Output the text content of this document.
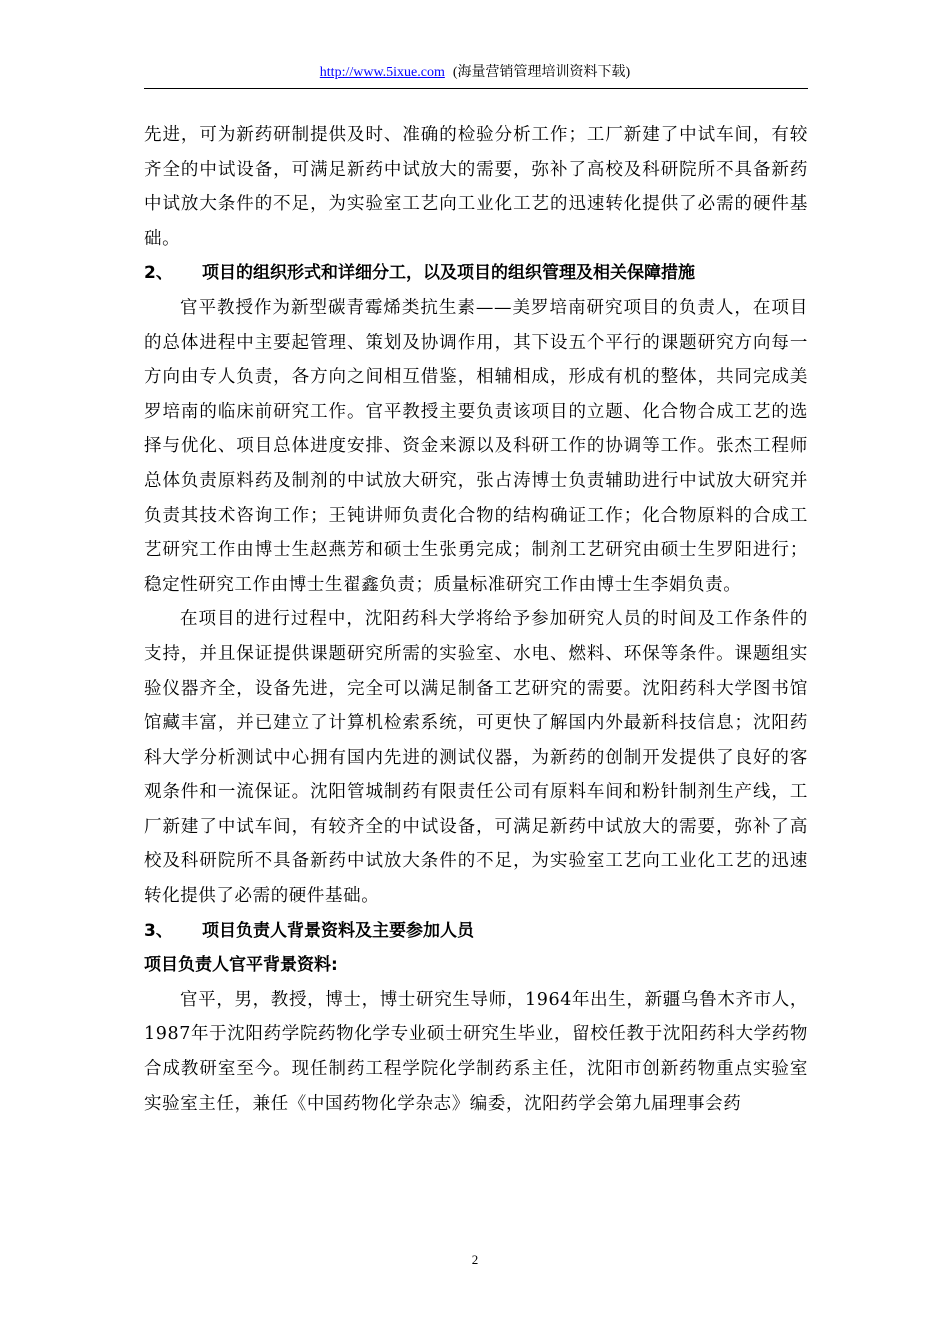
http://www.5ixue.com (海量营销管理培训资料下载)

先进，可为新药研制提供及时、准确的检验分析工作；工厂新建了中试车间，有较齐全的中试设备，可满足新药中试放大的需要，弥补了高校及科研院所不具备新药中试放大条件的不足，为实验室工艺向工业化工艺的迅速转化提供了必需的硬件基础。

2、 项目的组织形式和详细分工，以及项目的组织管理及相关保障措施

官平教授作为新型碳青霉烯类抗生素——美罗培南研究项目的负责人，在项目的总体进程中主要起管理、策划及协调作用，其下设五个平行的课题研究方向每一方向由专人负责，各方向之间相互借鉴，相辅相成，形成有机的整体，共同完成美罗培南的临床前研究工作。官平教授主要负责该项目的立题、化合物合成工艺的选择与优化、项目总体进度安排、资金来源以及科研工作的协调等工作。张杰工程师总体负责原料药及制剂的中试放大研究，张占涛博士负责辅助进行中试放大研究并负责其技术咨询工作；王钝讲师负责化合物的结构确证工作；化合物原料的合成工艺研究工作由博士生赵燕芳和硕士生张勇完成；制剂工艺研究由硕士生罗阳进行；稳定性研究工作由博士生翟鑫负责；质量标准研究工作由博士生李娟负责。

在项目的进行过程中，沈阳药科大学将给予参加研究人员的时间及工作条件的支持，并且保证提供课题研究所需的实验室、水电、燃料、环保等条件。课题组实验仪器齐全，设备先进，完全可以满足制备工艺研究的需要。沈阳药科大学图书馆馆藏丰富，并已建立了计算机检索系统，可更快了解国内外最新科技信息；沈阳药科大学分析测试中心拥有国内先进的测试仪器，为新药的创制开发提供了良好的客观条件和一流保证。沈阳管城制药有限责任公司有原料车间和粉针制剂生产线，工厂新建了中试车间，有较齐全的中试设备，可满足新药中试放大的需要，弥补了高校及科研院所不具备新药中试放大条件的不足，为实验室工艺向工业化工艺的迅速转化提供了必需的硬件基础。

3、 项目负责人背景资料及主要参加人员

项目负责人官平背景资料:

官平，男，教授，博士，博士研究生导师，1964年出生，新疆乌鲁木齐市人，1987年于沈阳药学院药物化学专业硕士研究生毕业，留校任教于沈阳药科大学药物合成教研室至今。现任制药工程学院化学制药系主任，沈阳市创新药物重点实验室实验室主任，兼任《中国药物化学杂志》编委，沈阳药学会第九届理事会药

2
